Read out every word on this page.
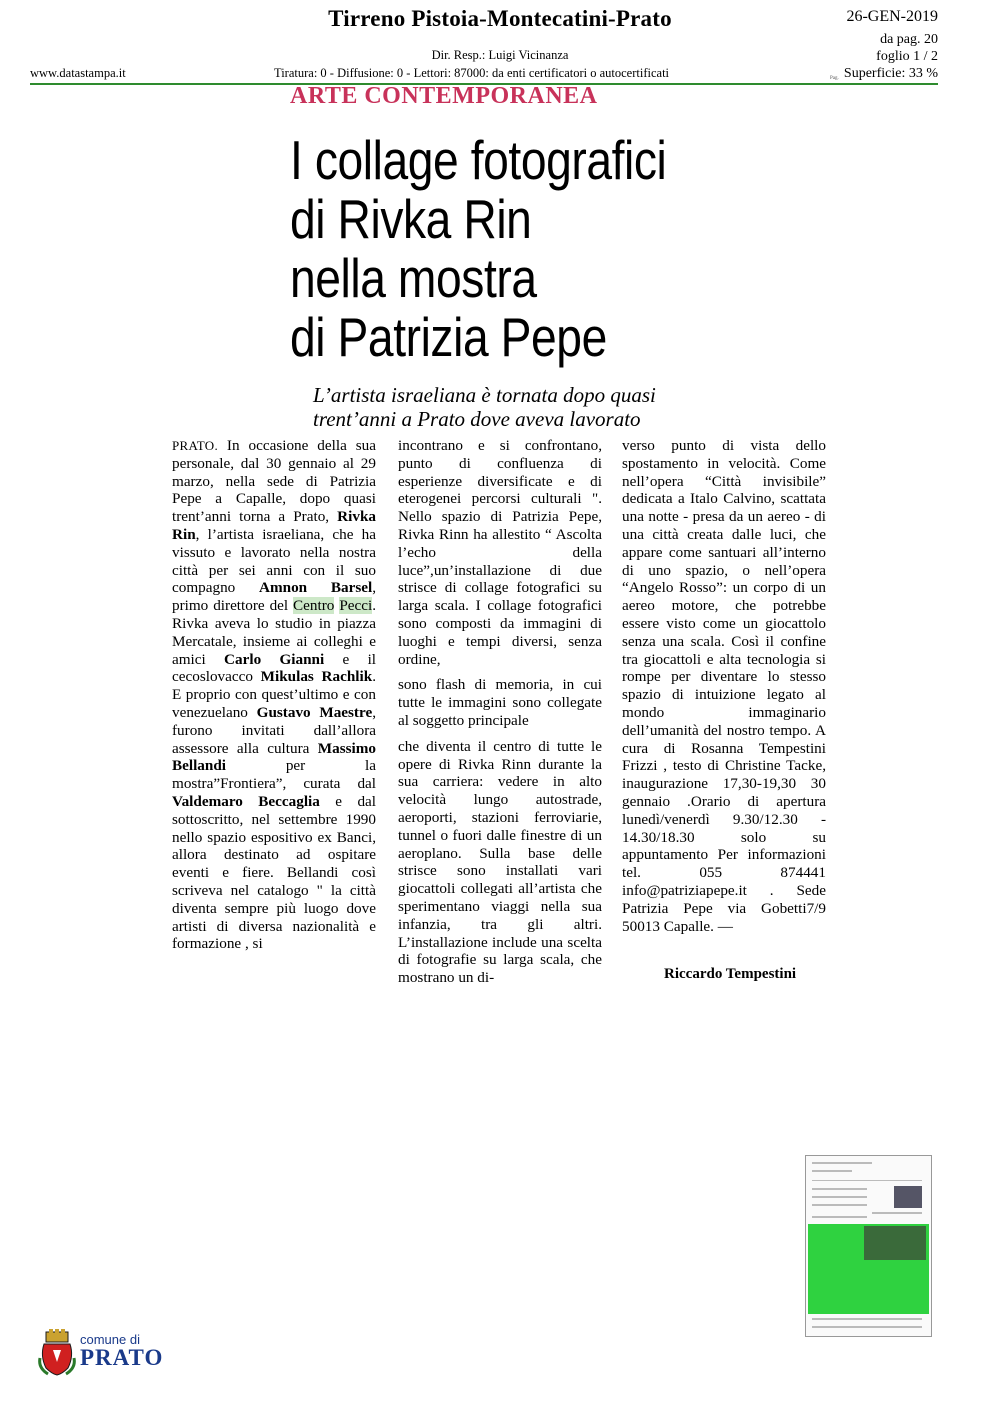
Tirreno Pistoia-Montecatini-Prato
Dir. Resp.: Luigi Vicinanza
www.datastampa.it	Tiratura: 0 - Diffusione: 0 - Lettori: 87000: da enti certificatori o autocertificati
26-GEN-2019
da pag. 20
foglio 1 / 2
Superficie: 33 %
Pag.
ARTE CONTEMPORANEA
I collage fotografici
di Rivka Rin
nella mostra
di Patrizia Pepe
L’artista israeliana è tornata dopo quasi
trent’anni a Prato dove aveva lavorato

PRATO. In occasione della sua personale, dal 30 gennaio al 29 marzo, nella sede di Patrizia Pepe a Capalle, dopo quasi trent’anni torna a Prato, Rivka Rin, l’artista israeliana, che ha vissuto e lavorato nella nostra città per sei anni con il suo compagno Amnon Barsel, primo direttore del Centro Pecci. Rivka aveva lo studio in piazza Mercatale, insieme ai colleghi e amici Carlo Gianni e il cecoslovacco Mikulas Rachlik. E proprio con quest’ultimo e con venezuelano Gustavo Maestre, furono invitati dall’allora assessore alla cultura Massimo Bellandi per la mostra”Frontiera”, curata dal Valdemaro Beccaglia e dal sottoscritto, nel settembre 1990 nello spazio espositivo ex Banci, allora destinato ad ospitare eventi e fiere. Bellandi così scriveva nel catalogo " la città diventa sempre più luogo dove artisti di diversa nazionalità e formazione , si

incontrano e si confrontano, punto di confluenza di esperienze diversificate e di eterogenei percorsi culturali ". Nello spazio di Patrizia Pepe, Rivka Rinn ha allestito “ Ascolta l’echo della luce”,un’installazione di due strisce di collage fotografici su larga scala. I collage fotografici sono composti da immagini di luoghi e tempi diversi, senza ordine,

sono flash di memoria, in cui tutte le immagini sono collegate al soggetto principale

che diventa il centro di tutte le opere di Rivka Rinn durante la sua carriera: vedere in alto velocità lungo autostrade, aeroporti, stazioni ferroviarie, tunnel o fuori dalle finestre di un aeroplano. Sulla base delle strisce sono installati vari giocattoli collegati all’artista che sperimentano viaggi nella sua infanzia, tra gli altri. L’installazione include una scelta di fotografie su larga scala, che mostrano un di-

verso punto di vista dello spostamento in velocità. Come nell’opera “Città invisibile” dedicata a Italo Calvino, scattata una notte - presa da un aereo - di una città creata dalle luci, che appare come santuari all’interno di uno spazio, o nell’opera “Angelo Rosso”: un corpo di un aereo motore, che potrebbe essere visto come un giocattolo senza una scala. Così il confine tra giocattoli e alta tecnologia si rompe per diventare lo stesso spazio di intuizione legato al mondo immaginario dell’umanità del nostro tempo. A cura di Rosanna Tempestini Frizzi , testo di Christine Tacke, inaugurazione 17,30-19,30 30 gennaio .Orario di apertura lunedì/venerdì 9.30/12.30 - 14.30/18.30 solo su appuntamento Per informazioni tel. 055 874441 info@patriziapepe.it . Sede Patrizia Pepe via Gobetti7/9 50013 Capalle. —

Riccardo Tempestini
comune di
PRATO
